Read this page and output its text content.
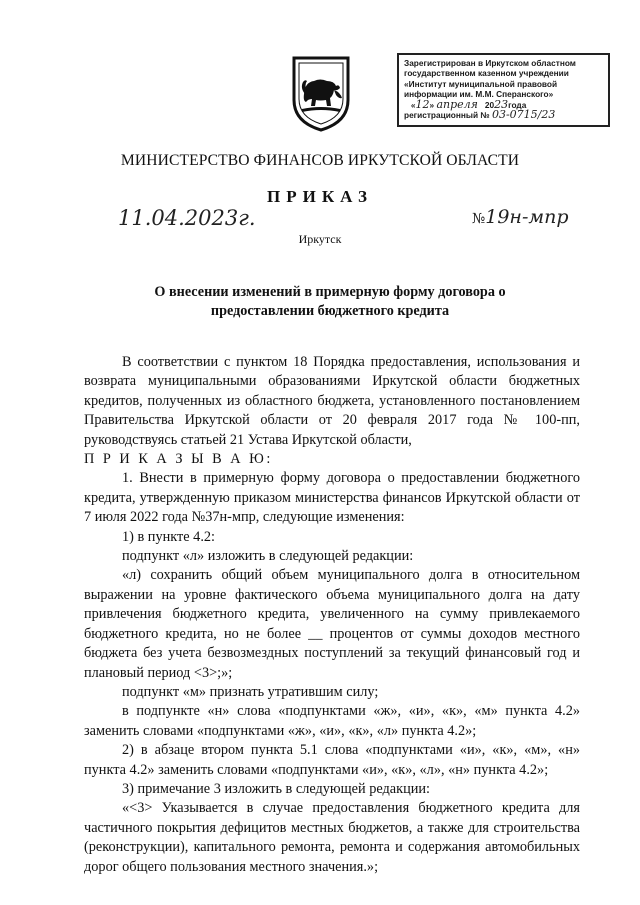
Зарегистрирован в Иркутском областном
государственном казенном учреждении
«Институт муниципальной правовой
информации им. М.М. Сперанского»
«12» апреля 2023года
регистрационный № 03-0715/23
МИНИСТЕРСТВО ФИНАНСОВ ИРКУТСКОЙ ОБЛАСТИ
ПРИКАЗ
11.04.2023г.	№19н-мпр
Иркутск
О внесении изменений в примерную форму договора о предоставлении бюджетного кредита

В соответствии с пунктом 18 Порядка предоставления, использования и возврата муниципальными образованиями Иркутской области бюджетных кредитов, полученных из областного бюджета, установленного постановлением Правительства Иркутской области от 20 февраля 2017 года № 100-пп, руководствуясь статьей 21 Устава Иркутской области,

П Р И К А З Ы В А Ю:

1. Внести в примерную форму договора о предоставлении бюджетного кредита, утвержденную приказом министерства финансов Иркутской области от 7 июля 2022 года №37н-мпр, следующие изменения:

1) в пункте 4.2:

подпункт «л» изложить в следующей редакции:

«л) сохранить общий объем муниципального долга в относительном выражении на уровне фактического объема муниципального долга на дату привлечения бюджетного кредита, увеличенного на сумму привлекаемого бюджетного кредита, но не более __ процентов от суммы доходов местного бюджета без учета безвозмездных поступлений за текущий финансовый год и плановый период <3>;»;

подпункт «м» признать утратившим силу;

в подпункте «н» слова «подпунктами «ж», «и», «к», «м» пункта 4.2» заменить словами «подпунктами «ж», «и», «к», «л» пункта 4.2»;

2) в абзаце втором пункта 5.1 слова «подпунктами «и», «к», «м», «н» пункта 4.2» заменить словами «подпунктами «и», «к», «л», «н» пункта 4.2»;

3) примечание 3 изложить в следующей редакции:

«<3> Указывается в случае предоставления бюджетного кредита для частичного покрытия дефицитов местных бюджетов, а также для строительства (реконструкции), капитального ремонта, ремонта и содержания автомобильных дорог общего пользования местного значения.»;
